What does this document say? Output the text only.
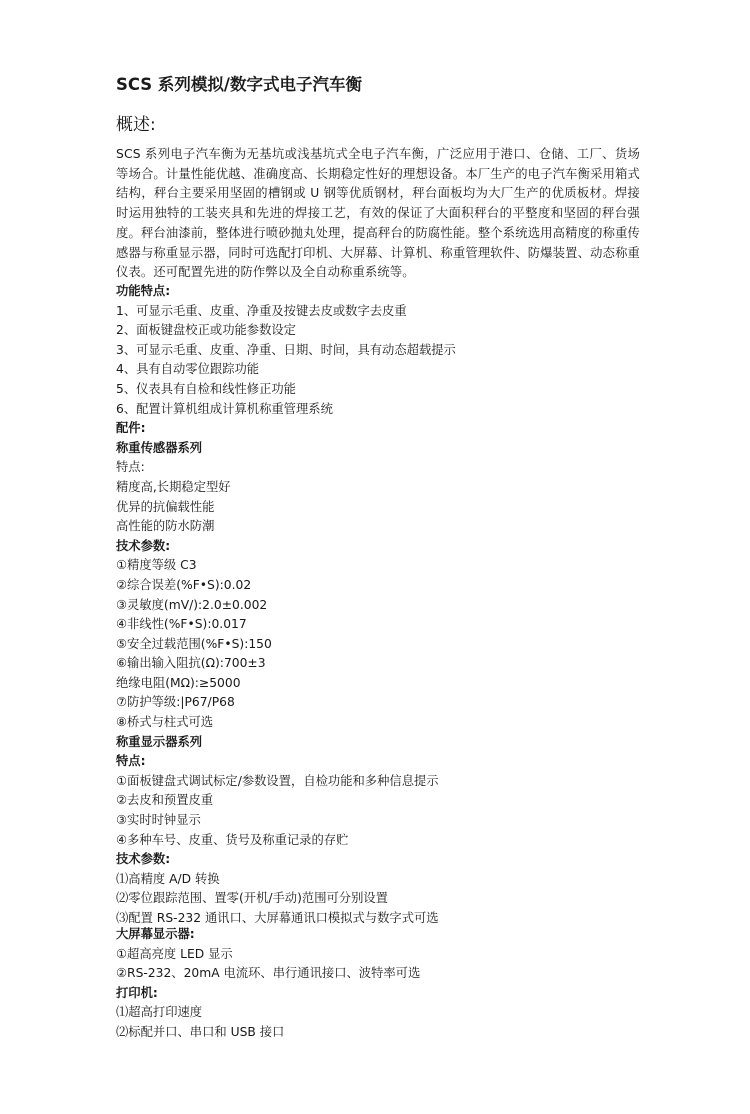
SCS 系列模拟/数字式电子汽车衡
概述:

SCS 系列电子汽车衡为无基坑或浅基坑式全电子汽车衡，广泛应用于港口、仓储、工厂、货场等场合。计量性能优越、准确度高、长期稳定性好的理想设备。本厂生产的电子汽车衡采用箱式结构，秤台主要采用坚固的槽钢或 U 钢等优质钢材，秤台面板均为大厂生产的优质板材。焊接时运用独特的工装夹具和先进的焊接工艺，有效的保证了大面积秤台的平整度和坚固的秤台强度。秤台油漆前，整体进行喷砂抛丸处理，提高秤台的防腐性能。整个系统选用高精度的称重传感器与称重显示器，同时可选配打印机、大屏幕、计算机、称重管理软件、防爆装置、动态称重仪表。还可配置先进的防作弊以及全自动称重系统等。

功能特点:
1、可显示毛重、皮重、净重及按键去皮或数字去皮重
2、面板键盘校正或功能参数设定
3、可显示毛重、皮重、净重、日期、时间，具有动态超载提示
4、具有自动零位跟踪功能
5、仪表具有自检和线性修正功能
6、配置计算机组成计算机称重管理系统
配件:
称重传感器系列
特点:
精度高,长期稳定型好
优异的抗偏载性能
高性能的防水防潮
技术参数:
①精度等级 C3
②综合误差(%F•S):0.02
③灵敏度(mV/):2.0±0.002
④非线性(%F•S):0.017
⑤安全过载范围(%F•S):150
⑥输出输入阻抗(Ω):700±3
绝缘电阻(MΩ):≥5000
⑦防护等级:|P67/P68
⑧桥式与柱式可选
称重显示器系列
特点:
①面板键盘式调试标定/参数设置，自检功能和多种信息提示
②去皮和预置皮重
③实时时钟显示
④多种车号、皮重、货号及称重记录的存贮
技术参数:
⑴高精度 A/D 转换
⑵零位跟踪范围、置零(开机/手动)范围可分别设置
⑶配置 RS-232 通讯口、大屏幕通讯口模拟式与数字式可选
大屏幕显示器:
①超高亮度 LED 显示
②RS-232、20mA 电流环、串行通讯接口、波特率可选
打印机:
⑴超高打印速度
⑵标配并口、串口和 USB 接口
